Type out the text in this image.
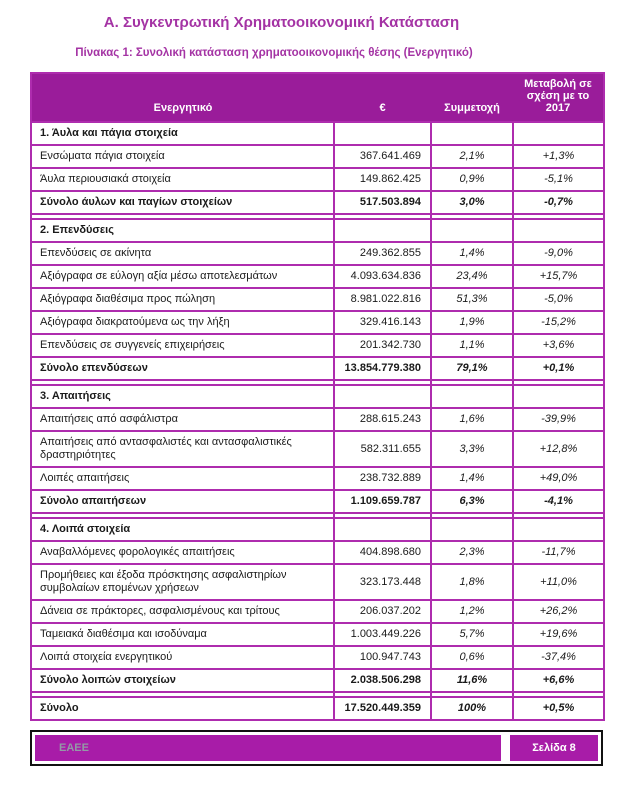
Α. Συγκεντρωτική Χρηματοοικονομική Κατάσταση
Πίνακας 1: Συνολική κατάσταση χρηματοοικονομικής θέσης (Ενεργητικό)
Ενεργητικό	€	Συμμετοχή	Μεταβολή σε σχέση με το 2017
1. Άυλα και πάγια στοιχεία			
Ενσώματα πάγια στοιχεία	367.641.469	2,1%	+1,3%
Άυλα περιουσιακά στοιχεία	149.862.425	0,9%	-5,1%
Σύνολο άυλων και παγίων στοιχείων	517.503.894	3,0%	-0,7%

2. Επενδύσεις			
Επενδύσεις σε ακίνητα	249.362.855	1,4%	-9,0%
Αξιόγραφα σε εύλογη αξία μέσω αποτελεσμάτων	4.093.634.836	23,4%	+15,7%
Αξιόγραφα διαθέσιμα προς πώληση	8.981.022.816	51,3%	-5,0%
Αξιόγραφα διακρατούμενα ως την λήξη	329.416.143	1,9%	-15,2%
Επενδύσεις σε συγγενείς επιχειρήσεις	201.342.730	1,1%	+3,6%
Σύνολο επενδύσεων	13.854.779.380	79,1%	+0,1%

3. Απαιτήσεις			
Απαιτήσεις από ασφάλιστρα	288.615.243	1,6%	-39,9%
Απαιτήσεις από αντασφαλιστές και αντασφαλιστικές δραστηριότητες	582.311.655	3,3%	+12,8%
Λοιπές απαιτήσεις	238.732.889	1,4%	+49,0%
Σύνολο απαιτήσεων	1.109.659.787	6,3%	-4,1%

4. Λοιπά στοιχεία			
Αναβαλλόμενες φορολογικές απαιτήσεις	404.898.680	2,3%	-11,7%
Προμήθειες και έξοδα πρόσκτησης ασφαλιστηρίων συμβολαίων επομένων χρήσεων	323.173.448	1,8%	+11,0%
Δάνεια σε πράκτορες, ασφαλισμένους και τρίτους	206.037.202	1,2%	+26,2%
Ταμειακά διαθέσιμα και ισοδύναμα	1.003.449.226	5,7%	+19,6%
Λοιπά στοιχεία ενεργητικού	100.947.743	0,6%	-37,4%
Σύνολο λοιπών στοιχείων	2.038.506.298	11,6%	+6,6%

Σύνολο	17.520.449.359	100%	+0,5%
ΕΑΕΕ	Σελίδα 8
